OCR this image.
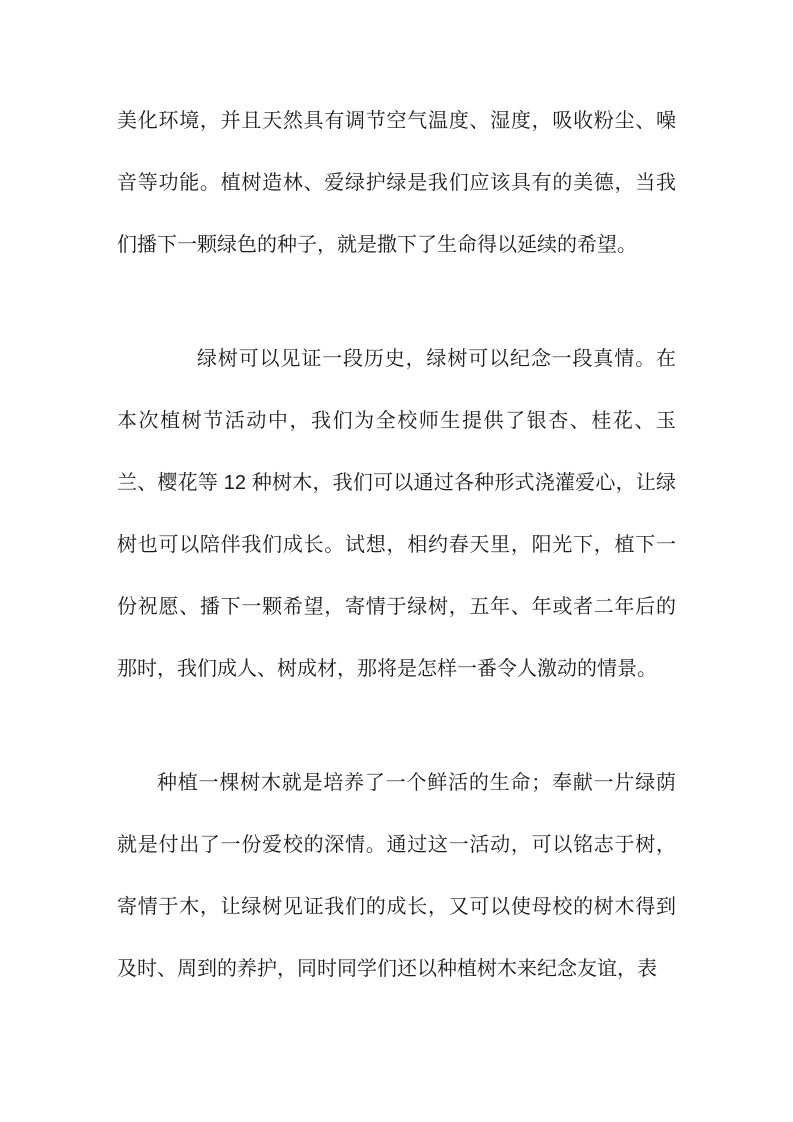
美化环境，并且天然具有调节空气温度、湿度，吸收粉尘、噪音等功能。植树造林、爱绿护绿是我们应该具有的美德，当我们播下一颗绿色的种子，就是撒下了生命得以延续的希望。

绿树可以见证一段历史，绿树可以纪念一段真情。在本次植树节活动中，我们为全校师生提供了银杏、桂花、玉兰、樱花等 12 种树木，我们可以通过各种形式浇灌爱心，让绿树也可以陪伴我们成长。试想，相约春天里，阳光下，植下一份祝愿、播下一颗希望，寄情于绿树，五年、年或者二年后的那时，我们成人、树成材，那将是怎样一番令人激动的情景。

种植一棵树木就是培养了一个鲜活的生命；奉献一片绿荫就是付出了一份爱校的深情。通过这一活动，可以铭志于树，寄情于木，让绿树见证我们的成长，又可以使母校的树木得到及时、周到的养护，同时同学们还以种植树木来纪念友谊，表
